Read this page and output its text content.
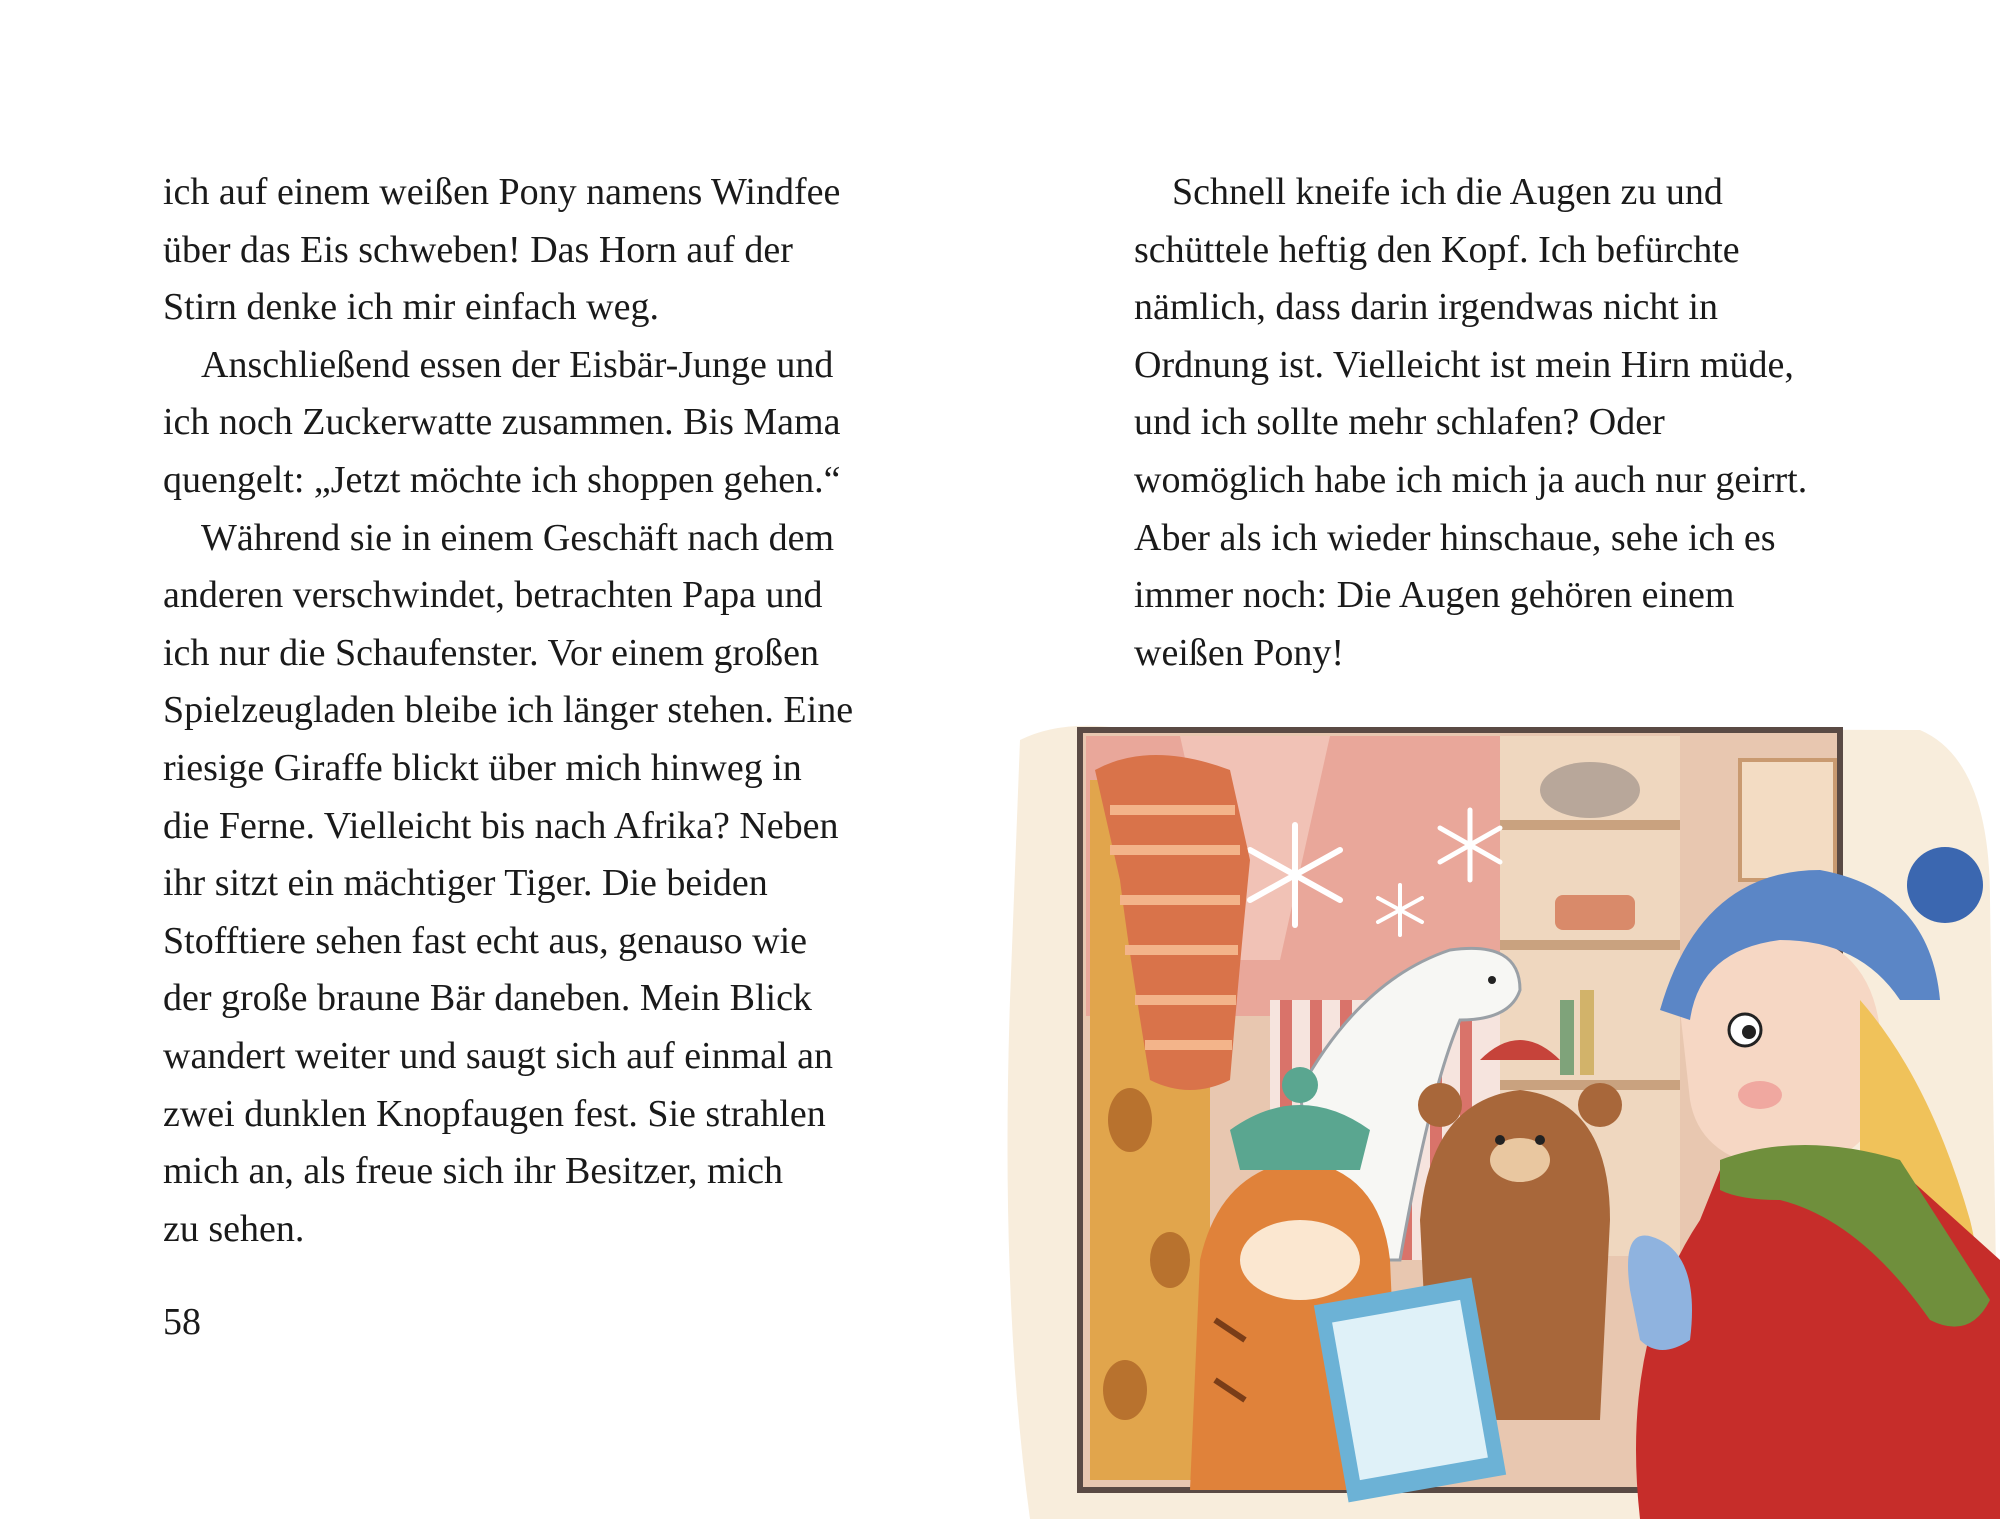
ich auf einem weißen Pony namens Windfee
über das Eis schweben! Das Horn auf der
Stirn denke ich mir einfach weg.
Anschließend essen der Eisbär-Junge und
ich noch Zuckerwatte zusammen. Bis Mama
quengelt: „Jetzt möchte ich shoppen gehen.“
Während sie in einem Geschäft nach dem
anderen verschwindet, betrachten Papa und
ich nur die Schaufenster. Vor einem großen
Spielzeugladen bleibe ich länger stehen. Eine
riesige Giraffe blickt über mich hinweg in
die Ferne. Vielleicht bis nach Afrika? Neben
ihr sitzt ein mächtiger Tiger. Die beiden
Stofftiere sehen fast echt aus, genauso wie
der große braune Bär daneben. Mein Blick
wandert weiter und saugt sich auf einmal an
zwei dunklen Knopfaugen fest. Sie strahlen
mich an, als freue sich ihr Besitzer, mich
zu sehen.
58
Schnell kneife ich die Augen zu und
schüttele heftig den Kopf. Ich befürchte
nämlich, dass darin irgendwas nicht in
Ordnung ist. Vielleicht ist mein Hirn müde,
und ich sollte mehr schlafen? Oder
womöglich habe ich mich ja auch nur geirrt.
Aber als ich wieder hinschaue, sehe ich es
immer noch: Die Augen gehören einem
weißen Pony!
